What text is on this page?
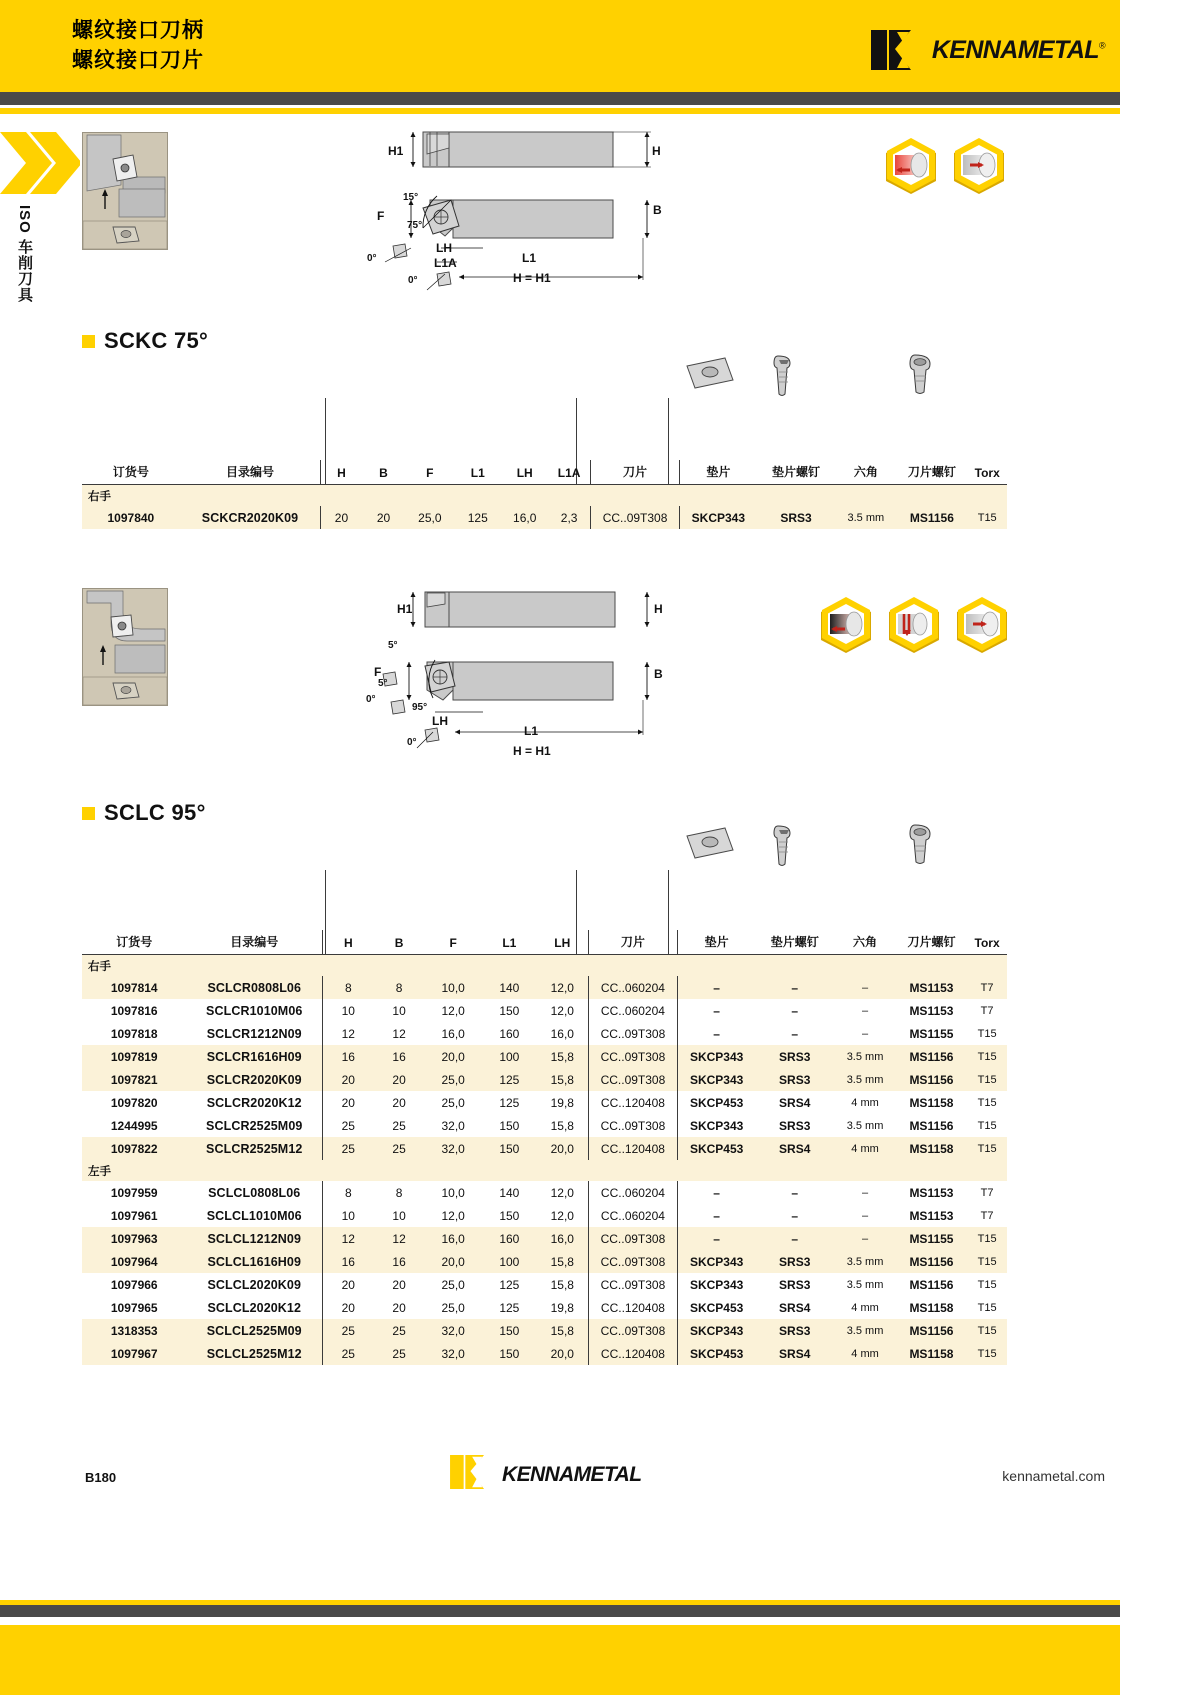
螺纹接口刀柄
螺纹接口刀片	KENNAMETAL®
ISO 车削刀具
H1	H
B
F
15°
75°
0°
0°
LH
L1A	L1
H = H1
SCKC 75°
订货号	目录编号	H	B	F	L1	LH	L1A	刀片	垫片	垫片螺钉	六角	刀片螺钉	Torx
右手													
1097840	SCKCR2020K09	20	20	25,0	125	16,0	2,3	CC..09T308	SKCP343	SRS3	3.5 mm	MS1156	T15
H1	H
B
F
5°
5°
0°
95°
0°
LH
L1
H = H1
SCLC 95°
订货号	目录编号	H	B	F	L1	LH	刀片	垫片	垫片螺钉	六角	刀片螺钉	Torx
右手												
1097814	SCLCR0808L06	8	8	10,0	140	12,0	CC..060204	–	–	–	MS1153	T7
1097816	SCLCR1010M06	10	10	12,0	150	12,0	CC..060204	–	–	–	MS1153	T7
1097818	SCLCR1212N09	12	12	16,0	160	16,0	CC..09T308	–	–	–	MS1155	T15
1097819	SCLCR1616H09	16	16	20,0	100	15,8	CC..09T308	SKCP343	SRS3	3.5 mm	MS1156	T15
1097821	SCLCR2020K09	20	20	25,0	125	15,8	CC..09T308	SKCP343	SRS3	3.5 mm	MS1156	T15
1097820	SCLCR2020K12	20	20	25,0	125	19,8	CC..120408	SKCP453	SRS4	4 mm	MS1158	T15
1244995	SCLCR2525M09	25	25	32,0	150	15,8	CC..09T308	SKCP343	SRS3	3.5 mm	MS1156	T15
1097822	SCLCR2525M12	25	25	32,0	150	20,0	CC..120408	SKCP453	SRS4	4 mm	MS1158	T15
左手												
1097959	SCLCL0808L06	8	8	10,0	140	12,0	CC..060204	–	–	–	MS1153	T7
1097961	SCLCL1010M06	10	10	12,0	150	12,0	CC..060204	–	–	–	MS1153	T7
1097963	SCLCL1212N09	12	12	16,0	160	16,0	CC..09T308	–	–	–	MS1155	T15
1097964	SCLCL1616H09	16	16	20,0	100	15,8	CC..09T308	SKCP343	SRS3	3.5 mm	MS1156	T15
1097966	SCLCL2020K09	20	20	25,0	125	15,8	CC..09T308	SKCP343	SRS3	3.5 mm	MS1156	T15
1097965	SCLCL2020K12	20	20	25,0	125	19,8	CC..120408	SKCP453	SRS4	4 mm	MS1158	T15
1318353	SCLCL2525M09	25	25	32,0	150	15,8	CC..09T308	SKCP343	SRS3	3.5 mm	MS1156	T15
1097967	SCLCL2525M12	25	25	32,0	150	20,0	CC..120408	SKCP453	SRS4	4 mm	MS1158	T15
B180	KENNAMETAL	kennametal.com
